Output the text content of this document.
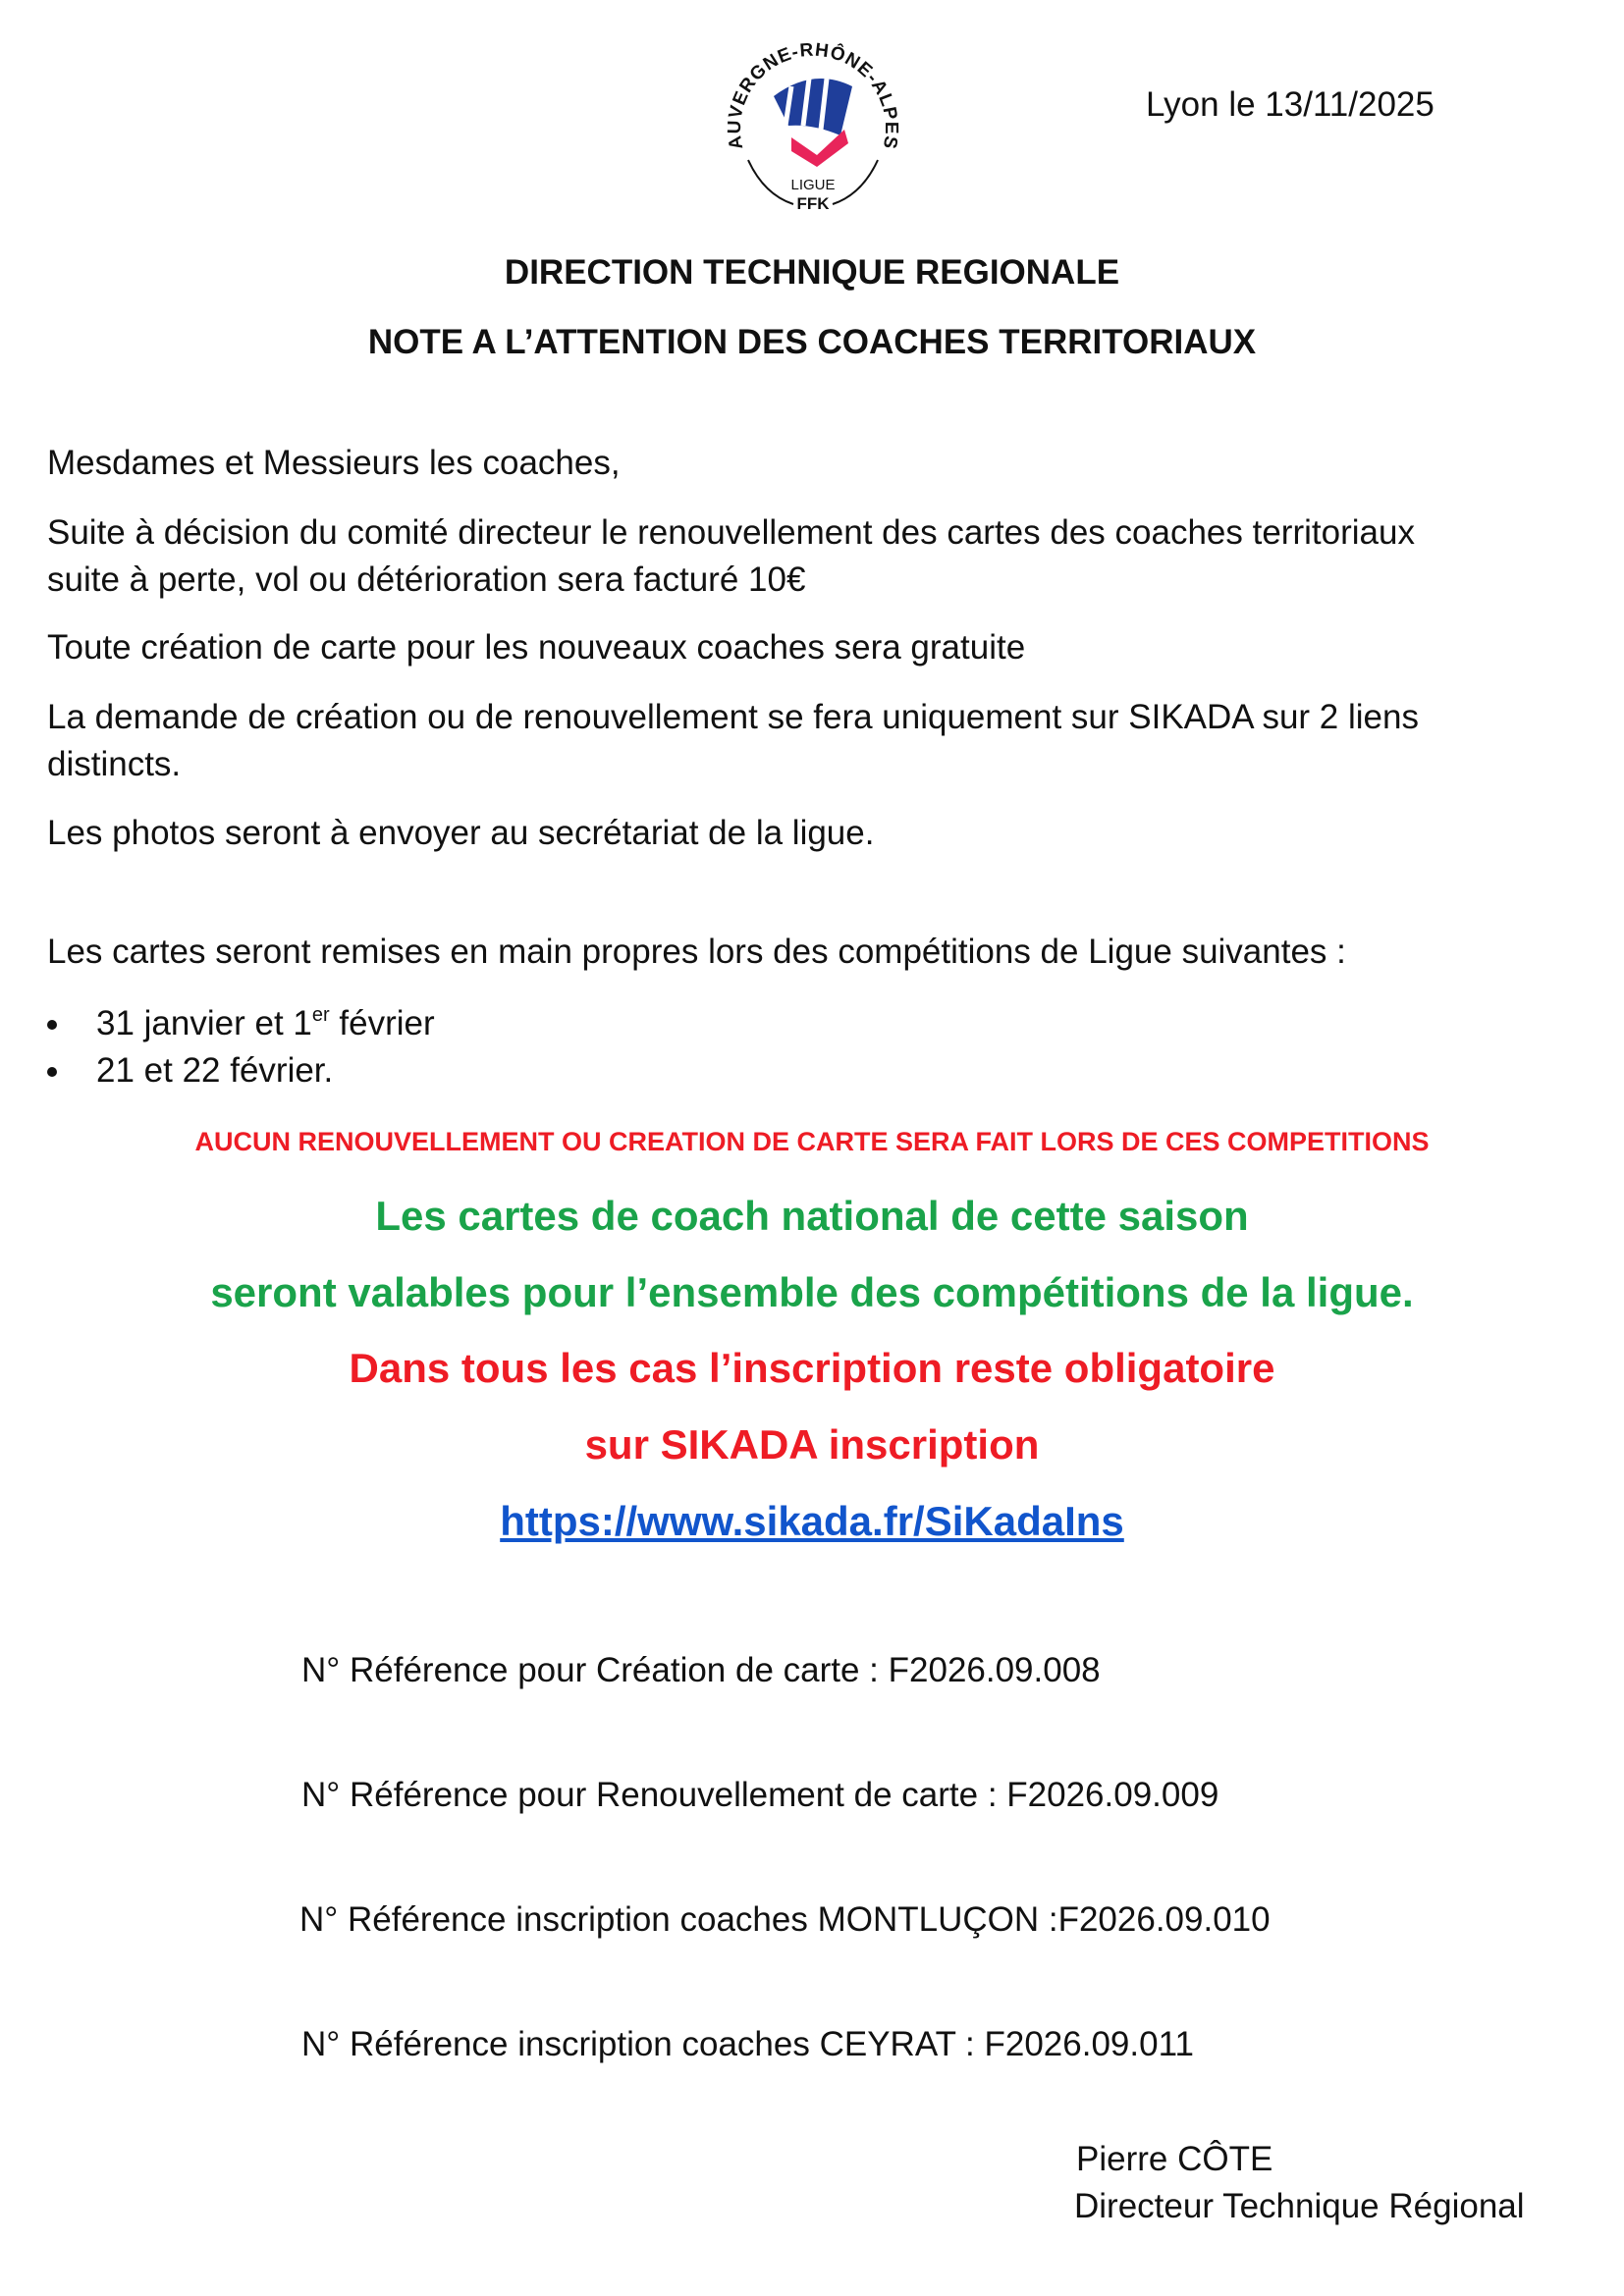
AUVERGNE-RHÔNE-ALPES
LIGUE
FFK
Lyon le 13/11/2025
DIRECTION TECHNIQUE REGIONALE
NOTE A L’ATTENTION DES COACHES TERRITORIAUX
Mesdames et Messieurs les coaches,
Suite à décision du comité directeur le renouvellement des cartes des coaches territoriaux
suite à perte, vol ou détérioration sera facturé 10€
Toute création de carte pour les nouveaux coaches sera gratuite
La demande de création ou de renouvellement se fera uniquement sur SIKADA sur 2 liens
distincts.
Les photos seront à envoyer au secrétariat de la ligue.
Les cartes seront remises en main propres lors des compétitions de Ligue suivantes :
31 janvier et 1er février
21 et 22 février.
AUCUN RENOUVELLEMENT OU CREATION DE CARTE SERA FAIT LORS DE CES COMPETITIONS
Les cartes de coach national de cette saison
seront valables pour l’ensemble des compétitions de la ligue.
Dans tous les cas l’inscription reste obligatoire
sur SIKADA inscription
https://www.sikada.fr/SiKadaIns
N° Référence pour Création de carte : F2026.09.008
N° Référence pour Renouvellement de carte : F2026.09.009
N° Référence inscription coaches MONTLUÇON :F2026.09.010
N° Référence inscription coaches CEYRAT : F2026.09.011
Pierre CÔTE
Directeur Technique Régional
